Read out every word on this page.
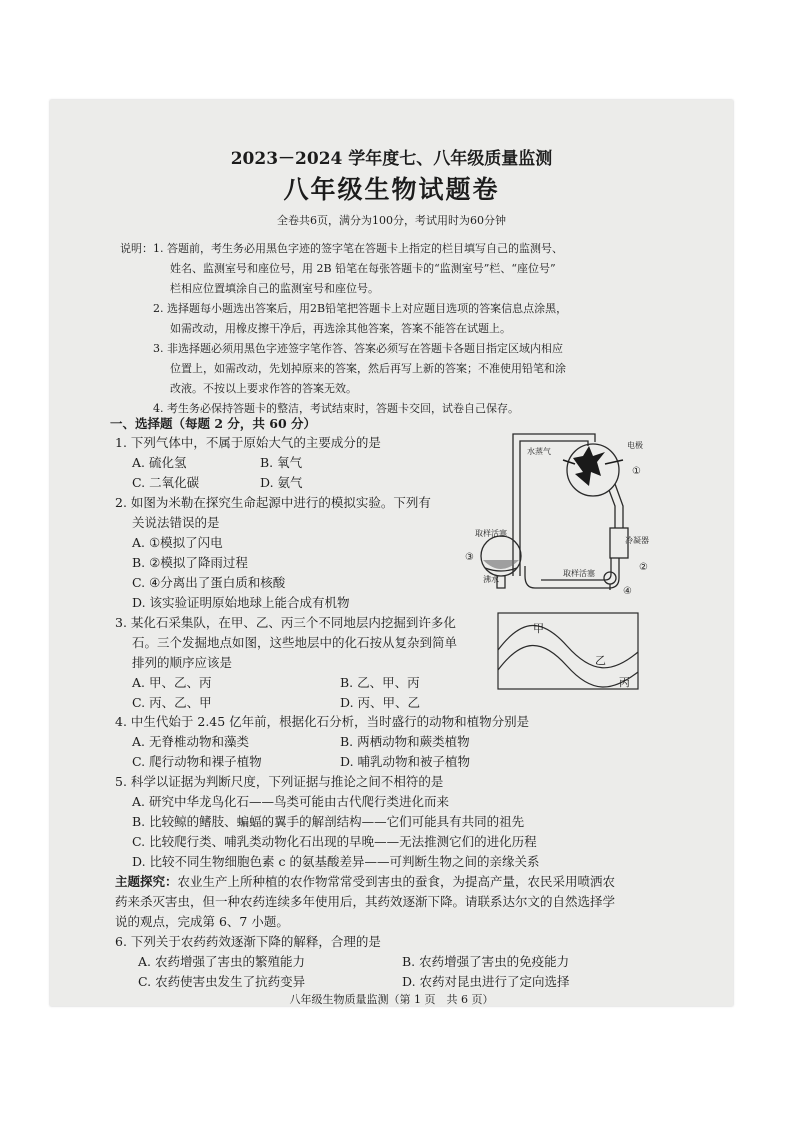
2023－2024 学年度七、八年级质量监测
八年级生物试题卷
全卷共6页，满分为100分，考试用时为60分钟
说明： 1. 答题前，考生务必用黑色字迹的签字笔在答题卡上指定的栏目填写自己的监测号、
姓名、监测室号和座位号，用 2B 铅笔在每张答题卡的“监测室号”栏、“座位号”
栏相应位置填涂自己的监测室号和座位号。
2. 选择题每小题选出答案后，用2B铅笔把答题卡上对应题目选项的答案信息点涂黑，
如需改动，用橡皮擦干净后，再选涂其他答案，答案不能答在试题上。
3. 非选择题必须用黑色字迹签字笔作答、答案必须写在答题卡各题目指定区域内相应
位置上，如需改动，先划掉原来的答案，然后再写上新的答案；不准使用铅笔和涂
改液。不按以上要求作答的答案无效。
4. 考生务必保持答题卡的整洁，考试结束时，答题卡交回，试卷自己保存。
一、选择题（每题 2 分，共 60 分）
1. 下列气体中，不属于原始大气的主要成分的是
A. 硫化氢	B. 氧气
C. 二氧化碳	D. 氨气
2. 如图为米勒在探究生命起源中进行的模拟实验。下列有
关说法错误的是
A. ①模拟了闪电
B. ②模拟了降雨过程
C. ④分离出了蛋白质和核酸
D. 该实验证明原始地球上能合成有机物
水蒸气
电极
①
取样活塞
冷凝器
③
取样活塞
沸水
②
④
3. 某化石采集队，在甲、乙、丙三个不同地层内挖掘到许多化
石。三个发掘地点如图，这些地层中的化石按从复杂到简单
排列的顺序应该是
A. 甲、乙、丙	B. 乙、甲、丙
C. 丙、乙、甲	D. 丙、甲、乙
甲
乙
丙
4. 中生代始于 2.45 亿年前，根据化石分析，当时盛行的动物和植物分别是
A. 无脊椎动物和藻类	B. 两栖动物和蕨类植物
C. 爬行动物和裸子植物	D. 哺乳动物和被子植物
5. 科学以证据为判断尺度，下列证据与推论之间不相符的是
A. 研究中华龙鸟化石——鸟类可能由古代爬行类进化而来
B. 比较鲸的鳍肢、蝙蝠的翼手的解剖结构——它们可能具有共同的祖先
C. 比较爬行类、哺乳类动物化石出现的早晚——无法推测它们的进化历程
D. 比较不同生物细胞色素 c 的氨基酸差异——可判断生物之间的亲缘关系
主题探究：农业生产上所种植的农作物常常受到害虫的蚕食，为提高产量，农民采用喷洒农
药来杀灭害虫，但一种农药连续多年使用后，其药效逐渐下降。请联系达尔文的自然选择学
说的观点，完成第 6、7 小题。
6. 下列关于农药药效逐渐下降的解释，合理的是
A. 农药增强了害虫的繁殖能力	B. 农药增强了害虫的免疫能力
C. 农药使害虫发生了抗药变异	D. 农药对昆虫进行了定向选择
八年级生物质量监测（第 1 页　共 6 页）
